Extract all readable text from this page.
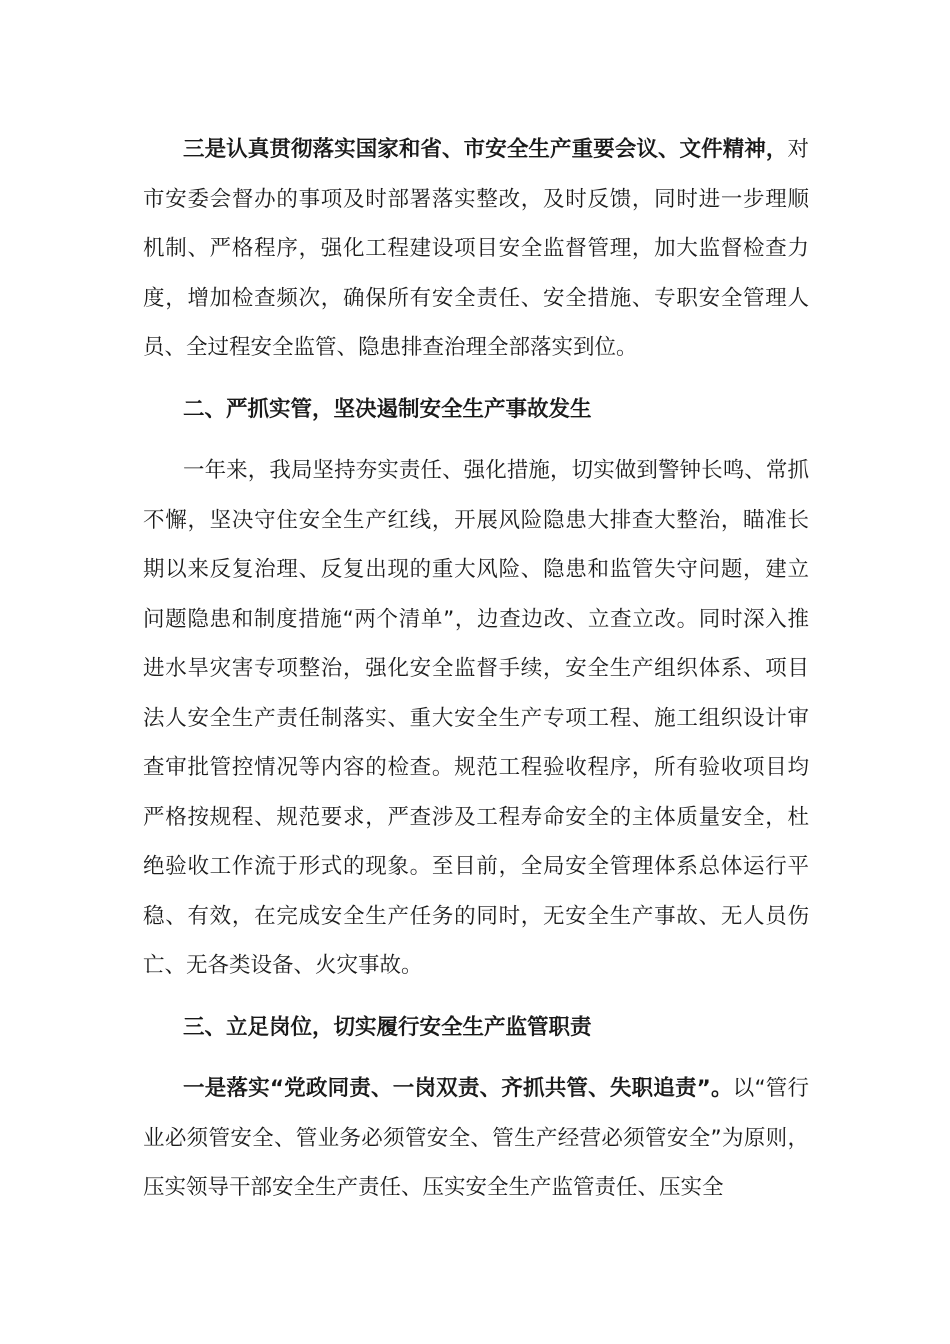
三是认真贯彻落实国家和省、市安全生产重要会议、文件精神，对市安委会督办的事项及时部署落实整改，及时反馈，同时进一步理顺机制、严格程序，强化工程建设项目安全监督管理，加大监督检查力度，增加检查频次，确保所有安全责任、安全措施、专职安全管理人员、全过程安全监管、隐患排查治理全部落实到位。

二、严抓实管，坚决遏制安全生产事故发生

一年来，我局坚持夯实责任、强化措施，切实做到警钟长鸣、常抓不懈，坚决守住安全生产红线，开展风险隐患大排查大整治，瞄准长期以来反复治理、反复出现的重大风险、隐患和监管失守问题，建立问题隐患和制度措施“两个清单”，边查边改、立查立改。同时深入推进水旱灾害专项整治，强化安全监督手续，安全生产组织体系、项目法人安全生产责任制落实、重大安全生产专项工程、施工组织设计审查审批管控情况等内容的检查。规范工程验收程序，所有验收项目均严格按规程、规范要求，严查涉及工程寿命安全的主体质量安全，杜绝验收工作流于形式的现象。至目前，全局安全管理体系总体运行平稳、有效，在完成安全生产任务的同时，无安全生产事故、无人员伤亡、无各类设备、火灾事故。

三、立足岗位，切实履行安全生产监管职责

一是落实“党政同责、一岗双责、齐抓共管、失职追责”。以“管行业必须管安全、管业务必须管安全、管生产经营必须管安全”为原则，压实领导干部安全生产责任、压实安全生产监管责任、压实全
